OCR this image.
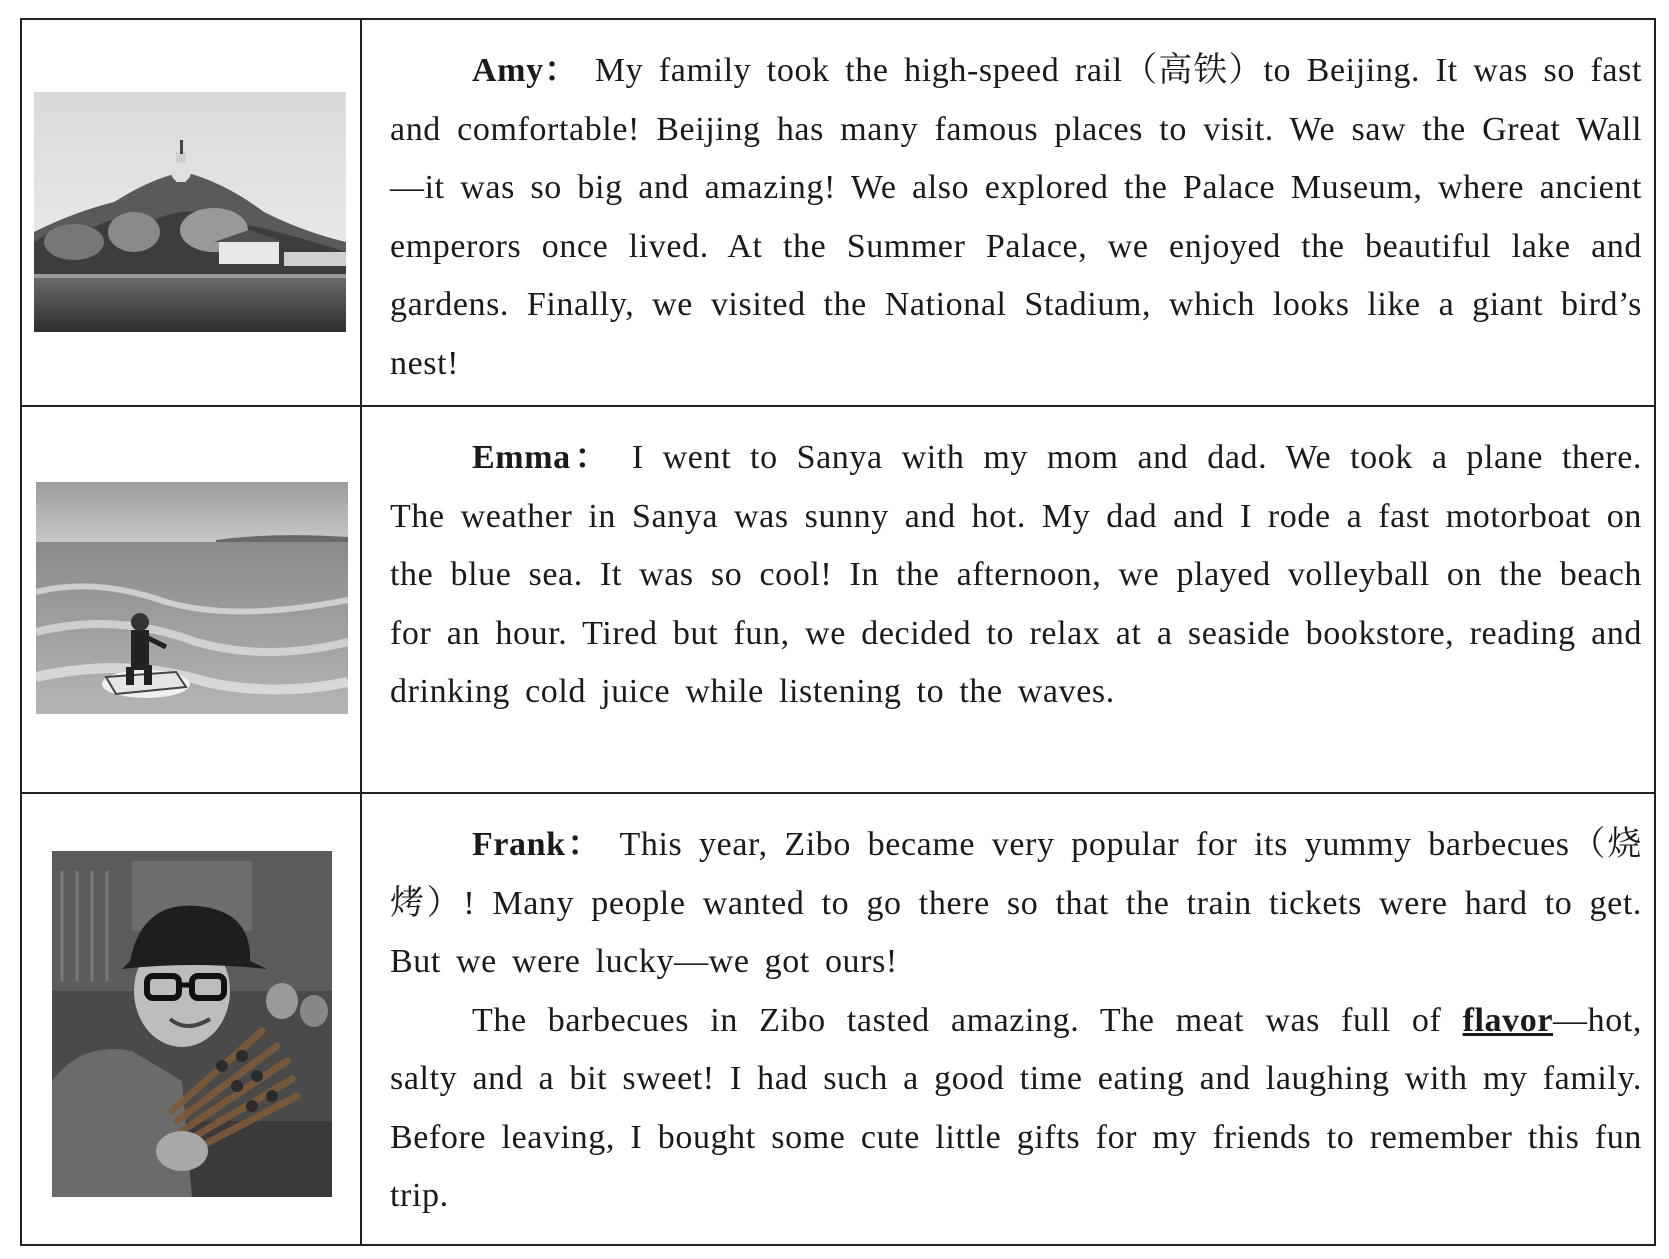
Amy： My family took the high-speed rail（高铁）to Beijing. It was so fast and comfortable! Beijing has many famous places to visit. We saw the Great Wall—it was so big and amazing! We also explored the Palace Museum, where ancient emperors once lived. At the Summer Palace, we enjoyed the beautiful lake and gardens. Finally, we visited the National Stadium, which looks like a giant bird’s nest!

Emma： I went to Sanya with my mom and dad. We took a plane there. The weather in Sanya was sunny and hot. My dad and I rode a fast motorboat on the blue sea. It was so cool! In the afternoon, we played volleyball on the beach for an hour. Tired but fun, we decided to relax at a seaside bookstore, reading and drinking cold juice while listening to the waves.

Frank： This year, Zibo became very popular for its yummy barbecues（烧烤）! Many people wanted to go there so that the train tickets were hard to get. But we were lucky—we got ours!

The barbecues in Zibo tasted amazing. The meat was full of flavor—hot, salty and a bit sweet! I had such a good time eating and laughing with my family. Before leaving, I bought some cute little gifts for my friends to remember this fun trip.
